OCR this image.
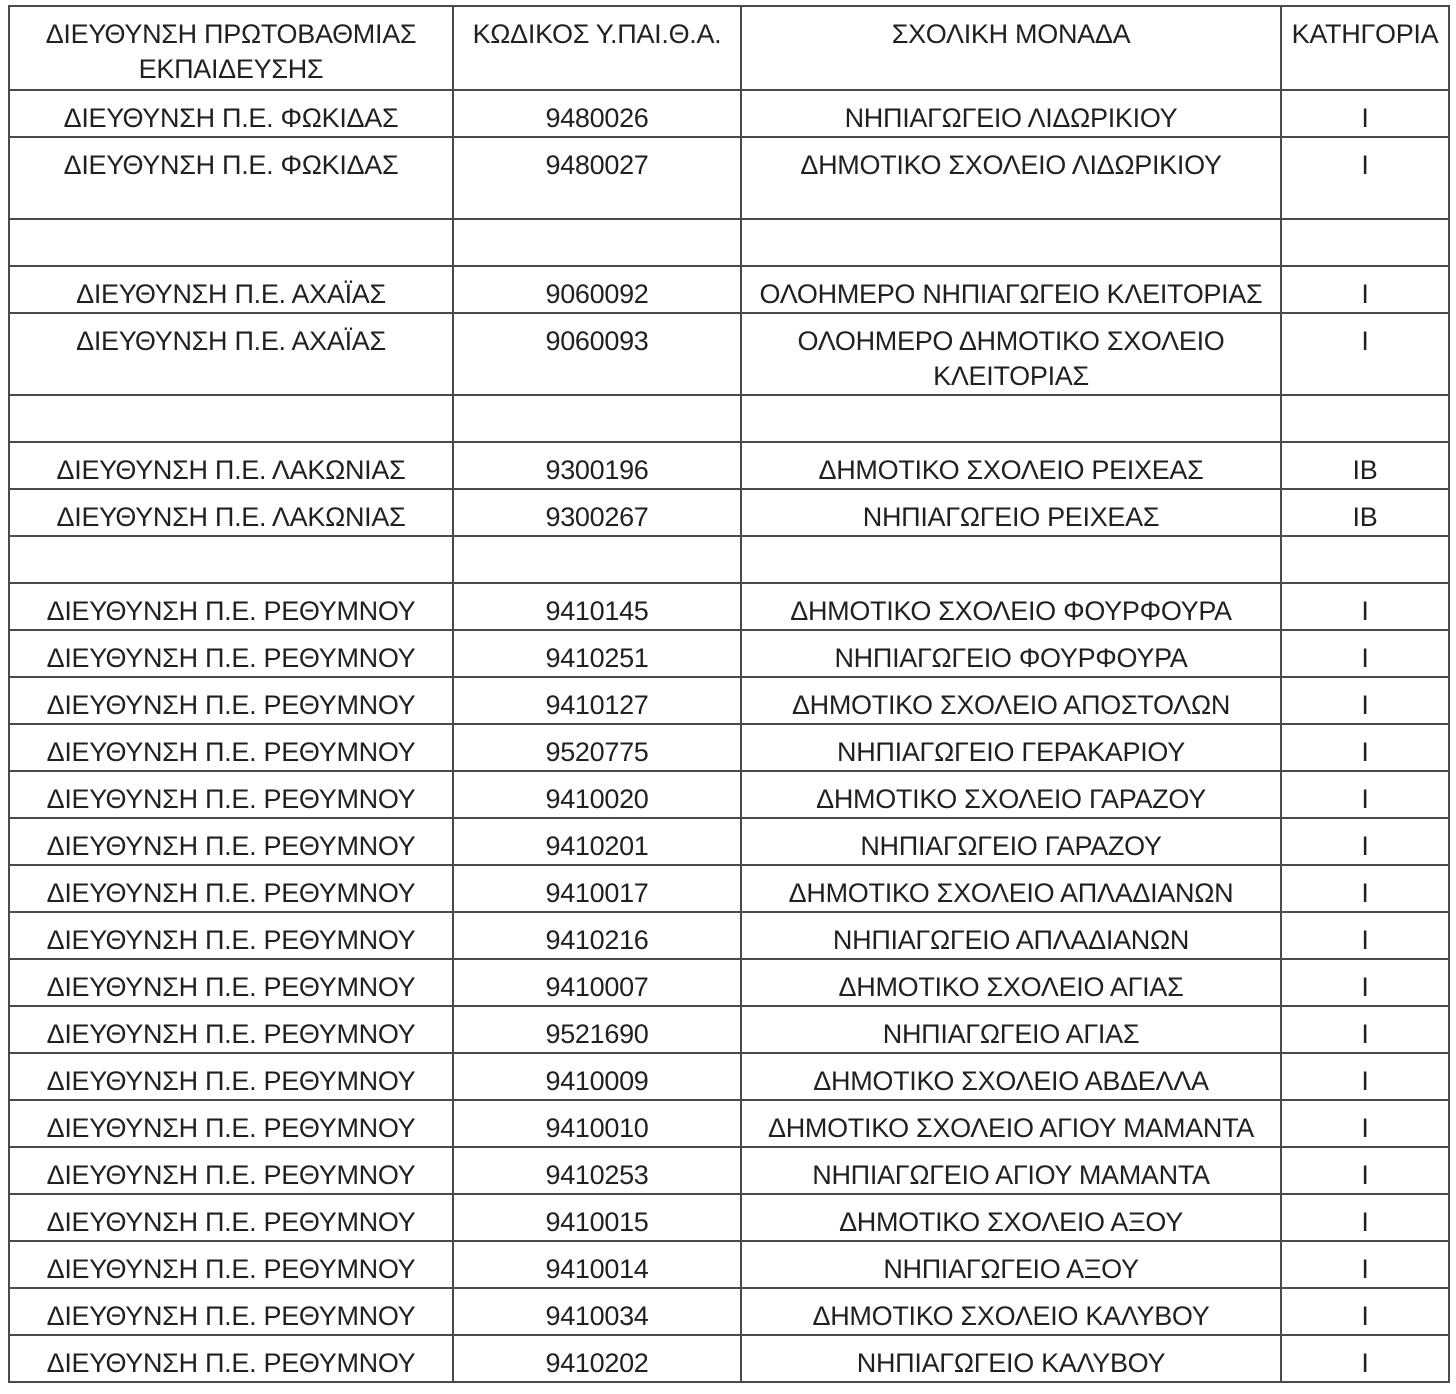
ΔΙΕΥΘΥΝΣΗ ΠΡΩΤΟΒΑΘΜΙΑΣ ΕΚΠΑΙΔΕΥΣΗΣ	ΚΩΔΙΚΟΣ Υ.ΠΑΙ.Θ.Α.	ΣΧΟΛΙΚΗ ΜΟΝΑΔΑ	ΚΑΤΗΓΟΡΙΑ
ΔΙΕΥΘΥΝΣΗ Π.Ε. ΦΩΚΙΔΑΣ	9480026	ΝΗΠΙΑΓΩΓΕΙΟ ΛΙΔΩΡΙΚΙΟΥ	Ι
ΔΙΕΥΘΥΝΣΗ Π.Ε. ΦΩΚΙΔΑΣ	9480027	ΔΗΜΟΤΙΚΟ ΣΧΟΛΕΙΟ ΛΙΔΩΡΙΚΙΟΥ	Ι

ΔΙΕΥΘΥΝΣΗ Π.Ε. ΑΧΑΪΑΣ	9060092	ΟΛΟΗΜΕΡΟ ΝΗΠΙΑΓΩΓΕΙΟ ΚΛΕΙΤΟΡΙΑΣ	Ι
ΔΙΕΥΘΥΝΣΗ Π.Ε. ΑΧΑΪΑΣ	9060093	ΟΛΟΗΜΕΡΟ ΔΗΜΟΤΙΚΟ ΣΧΟΛΕΙΟ ΚΛΕΙΤΟΡΙΑΣ	Ι

ΔΙΕΥΘΥΝΣΗ Π.Ε. ΛΑΚΩΝΙΑΣ	9300196	ΔΗΜΟΤΙΚΟ ΣΧΟΛΕΙΟ ΡΕΙΧΕΑΣ	ΙΒ
ΔΙΕΥΘΥΝΣΗ Π.Ε. ΛΑΚΩΝΙΑΣ	9300267	ΝΗΠΙΑΓΩΓΕΙΟ ΡΕΙΧΕΑΣ	ΙΒ

ΔΙΕΥΘΥΝΣΗ Π.Ε. ΡΕΘΥΜΝΟΥ	9410145	ΔΗΜΟΤΙΚΟ ΣΧΟΛΕΙΟ ΦΟΥΡΦΟΥΡΑ	Ι
ΔΙΕΥΘΥΝΣΗ Π.Ε. ΡΕΘΥΜΝΟΥ	9410251	ΝΗΠΙΑΓΩΓΕΙΟ ΦΟΥΡΦΟΥΡΑ	Ι
ΔΙΕΥΘΥΝΣΗ Π.Ε. ΡΕΘΥΜΝΟΥ	9410127	ΔΗΜΟΤΙΚΟ ΣΧΟΛΕΙΟ ΑΠΟΣΤΟΛΩΝ	Ι
ΔΙΕΥΘΥΝΣΗ Π.Ε. ΡΕΘΥΜΝΟΥ	9520775	ΝΗΠΙΑΓΩΓΕΙΟ ΓΕΡΑΚΑΡΙΟΥ	Ι
ΔΙΕΥΘΥΝΣΗ Π.Ε. ΡΕΘΥΜΝΟΥ	9410020	ΔΗΜΟΤΙΚΟ ΣΧΟΛΕΙΟ ΓΑΡΑΖΟΥ	Ι
ΔΙΕΥΘΥΝΣΗ Π.Ε. ΡΕΘΥΜΝΟΥ	9410201	ΝΗΠΙΑΓΩΓΕΙΟ ΓΑΡΑΖΟΥ	Ι
ΔΙΕΥΘΥΝΣΗ Π.Ε. ΡΕΘΥΜΝΟΥ	9410017	ΔΗΜΟΤΙΚΟ ΣΧΟΛΕΙΟ ΑΠΛΑΔΙΑΝΩΝ	Ι
ΔΙΕΥΘΥΝΣΗ Π.Ε. ΡΕΘΥΜΝΟΥ	9410216	ΝΗΠΙΑΓΩΓΕΙΟ ΑΠΛΑΔΙΑΝΩΝ	Ι
ΔΙΕΥΘΥΝΣΗ Π.Ε. ΡΕΘΥΜΝΟΥ	9410007	ΔΗΜΟΤΙΚΟ ΣΧΟΛΕΙΟ ΑΓΙΑΣ	Ι
ΔΙΕΥΘΥΝΣΗ Π.Ε. ΡΕΘΥΜΝΟΥ	9521690	ΝΗΠΙΑΓΩΓΕΙΟ ΑΓΙΑΣ	Ι
ΔΙΕΥΘΥΝΣΗ Π.Ε. ΡΕΘΥΜΝΟΥ	9410009	ΔΗΜΟΤΙΚΟ ΣΧΟΛΕΙΟ ΑΒΔΕΛΛΑ	Ι
ΔΙΕΥΘΥΝΣΗ Π.Ε. ΡΕΘΥΜΝΟΥ	9410010	ΔΗΜΟΤΙΚΟ ΣΧΟΛΕΙΟ ΑΓΙΟΥ ΜΑΜΑΝΤΑ	Ι
ΔΙΕΥΘΥΝΣΗ Π.Ε. ΡΕΘΥΜΝΟΥ	9410253	ΝΗΠΙΑΓΩΓΕΙΟ ΑΓΙΟΥ ΜΑΜΑΝΤΑ	Ι
ΔΙΕΥΘΥΝΣΗ Π.Ε. ΡΕΘΥΜΝΟΥ	9410015	ΔΗΜΟΤΙΚΟ ΣΧΟΛΕΙΟ ΑΞΟΥ	Ι
ΔΙΕΥΘΥΝΣΗ Π.Ε. ΡΕΘΥΜΝΟΥ	9410014	ΝΗΠΙΑΓΩΓΕΙΟ ΑΞΟΥ	Ι
ΔΙΕΥΘΥΝΣΗ Π.Ε. ΡΕΘΥΜΝΟΥ	9410034	ΔΗΜΟΤΙΚΟ ΣΧΟΛΕΙΟ ΚΑΛΥΒΟΥ	Ι
ΔΙΕΥΘΥΝΣΗ Π.Ε. ΡΕΘΥΜΝΟΥ	9410202	ΝΗΠΙΑΓΩΓΕΙΟ ΚΑΛΥΒΟΥ	Ι
